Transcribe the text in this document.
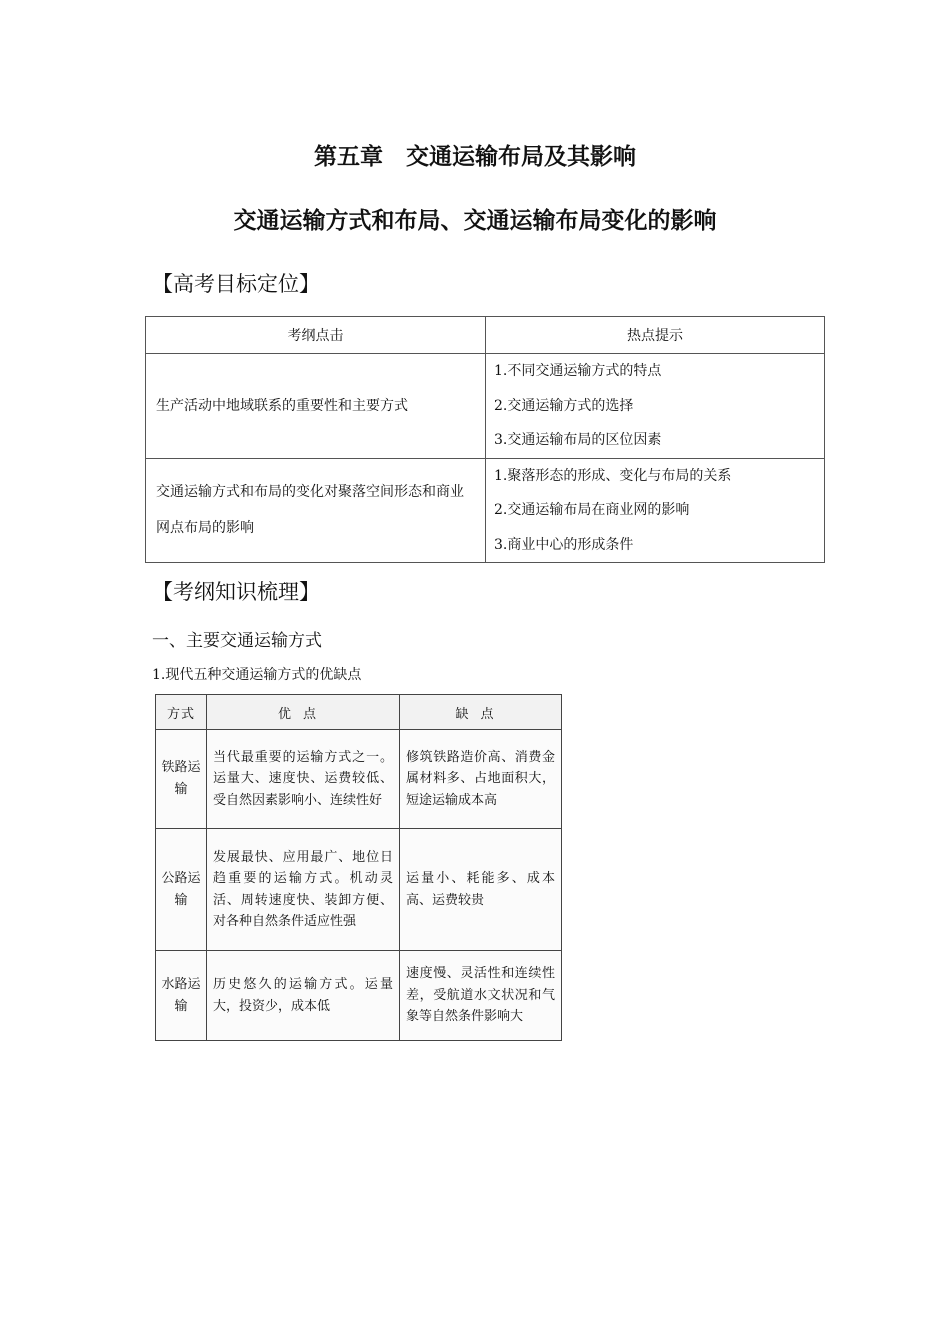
第五章　交通运输布局及其影响
交通运输方式和布局、交通运输布局变化的影响
【高考目标定位】
考纲点击	热点提示
生产活动中地域联系的重要性和主要方式	1.不同交通运输方式的特点
2.交通运输方式的选择
3.交通运输布局的区位因素

交通运输方式和布局的变化对聚落空间形态和商业网点布局的影响	1.聚落形态的形成、变化与布局的关系
2.交通运输布局在商业网的影响
3.商业中心的形成条件
【考纲知识梳理】
一、主要交通运输方式
1.现代五种交通运输方式的优缺点
方式	优点	缺点
铁路运输	当代最重要的运输方式之一。运量大、速度快、运费较低、受自然因素影响小、连续性好	修筑铁路造价高、消费金属材料多、占地面积大，短途运输成本高
公路运输	发展最快、应用最广、地位日趋重要的运输方式。机动灵活、周转速度快、装卸方便、对各种自然条件适应性强	运量小、耗能多、成本高、运费较贵
水路运输	历史悠久的运输方式。运量大，投资少，成本低	速度慢、灵活性和连续性差，受航道水文状况和气象等自然条件影响大
